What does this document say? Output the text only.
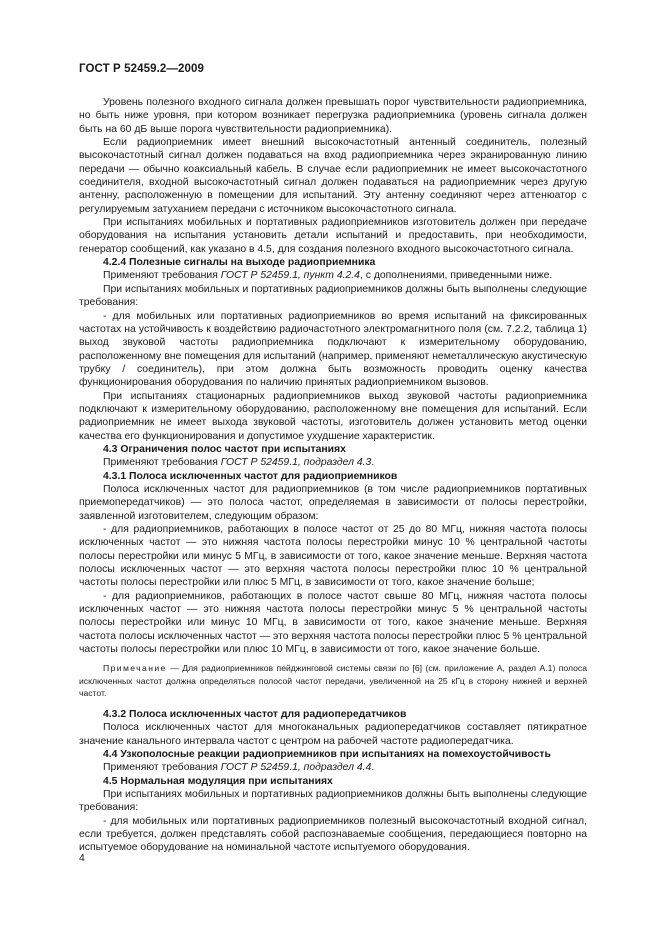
ГОСТ Р 52459.2—2009

Уровень полезного входного сигнала должен превышать порог чувствительности радиоприемника, но быть ниже уровня, при котором возникает перегрузка радиоприемника (уровень сигнала должен быть на 60 дБ выше порога чувствительности радиоприемника).

Если радиоприемник имеет внешний высокочастотный антенный соединитель, полезный высокочастотный сигнал должен подаваться на вход радиоприемника через экранированную линию передачи — обычно коаксиальный кабель. В случае если радиоприемник не имеет высокочастотного соединителя, входной высокочастотный сигнал должен подаваться на радиоприемник через другую антенну, расположенную в помещении для испытаний. Эту антенну соединяют через аттенюатор с регулируемым затуханием передачи с источником высокочастотного сигнала.

При испытаниях мобильных и портативных радиоприемников изготовитель должен при передаче оборудования на испытания установить детали испытаний и предоставить, при необходимости, генератор сообщений, как указано в 4.5, для создания полезного входного высокочастотного сигнала.

4.2.4 Полезные сигналы на выходе радиоприемника

Применяют требования ГОСТ Р 52459.1, пункт 4.2.4, с дополнениями, приведенными ниже.

При испытаниях мобильных и портативных радиоприемников должны быть выполнены следующие требования:

- для мобильных или портативных радиоприемников во время испытаний на фиксированных частотах на устойчивость к воздействию радиочастотного электромагнитного поля (см. 7.2.2, таблица 1) выход звуковой частоты радиоприемника подключают к измерительному оборудованию, расположенному вне помещения для испытаний (например, применяют неметаллическую акустическую трубку / соединитель), при этом должна быть возможность проводить оценку качества функционирования оборудования по наличию принятых радиоприемником вызовов.

При испытаниях стационарных радиоприемников выход звуковой частоты радиоприемника подключают к измерительному оборудованию, расположенному вне помещения для испытаний. Если радиоприемник не имеет выхода звуковой частоты, изготовитель должен установить метод оценки качества его функционирования и допустимое ухудшение характеристик.

4.3 Ограничения полос частот при испытаниях

Применяют требования ГОСТ Р 52459.1, подраздел 4.3.

4.3.1 Полоса исключенных частот для радиоприемников

Полоса исключенных частот для радиоприемников (в том числе радиоприемников портативных приемопередатчиков) — это полоса частот, определяемая в зависимости от полосы перестройки, заявленной изготовителем, следующим образом:

- для радиоприемников, работающих в полосе частот от 25 до 80 МГц, нижняя частота полосы исключенных частот — это нижняя частота полосы перестройки минус 10 % центральной частоты полосы перестройки или минус 5 МГц, в зависимости от того, какое значение меньше. Верхняя частота полосы исключенных частот — это верхняя частота полосы перестройки плюс 10 % центральной частоты полосы перестройки или плюс 5 МГц, в зависимости от того, какое значение больше;

- для радиоприемников, работающих в полосе частот свыше 80 МГц, нижняя частота полосы исключенных частот — это нижняя частота полосы перестройки минус 5 % центральной частоты полосы перестройки или минус 10 МГц, в зависимости от того, какое значение меньше. Верхняя частота полосы исключенных частот — это верхняя частота полосы перестройки плюс 5 % центральной частоты полосы перестройки или плюс 10 МГц, в зависимости от того, какое значение больше.

Примечание — Для радиоприемников пейджинговой системы связи по [6] (см. приложение А, раздел А.1) полоса исключенных частот должна определяться полосой частот передачи, увеличенной на 25 кГц в сторону нижней и верхней частот.

4.3.2 Полоса исключенных частот для радиопередатчиков

Полоса исключенных частот для многоканальных радиопередатчиков составляет пятикратное значение канального интервала частот с центром на рабочей частоте радиопередатчика.

4.4 Узкополосные реакции радиоприемников при испытаниях на помехоустойчивость

Применяют требования ГОСТ Р 52459.1, подраздел 4.4.

4.5 Нормальная модуляция при испытаниях

При испытаниях мобильных и портативных радиоприемников должны быть выполнены следующие требования:

- для мобильных или портативных радиоприемников полезный высокочастотный входной сигнал, если требуется, должен представлять собой распознаваемые сообщения, передающиеся повторно на испытуемое оборудование на номинальной частоте испытуемого оборудования.

4
